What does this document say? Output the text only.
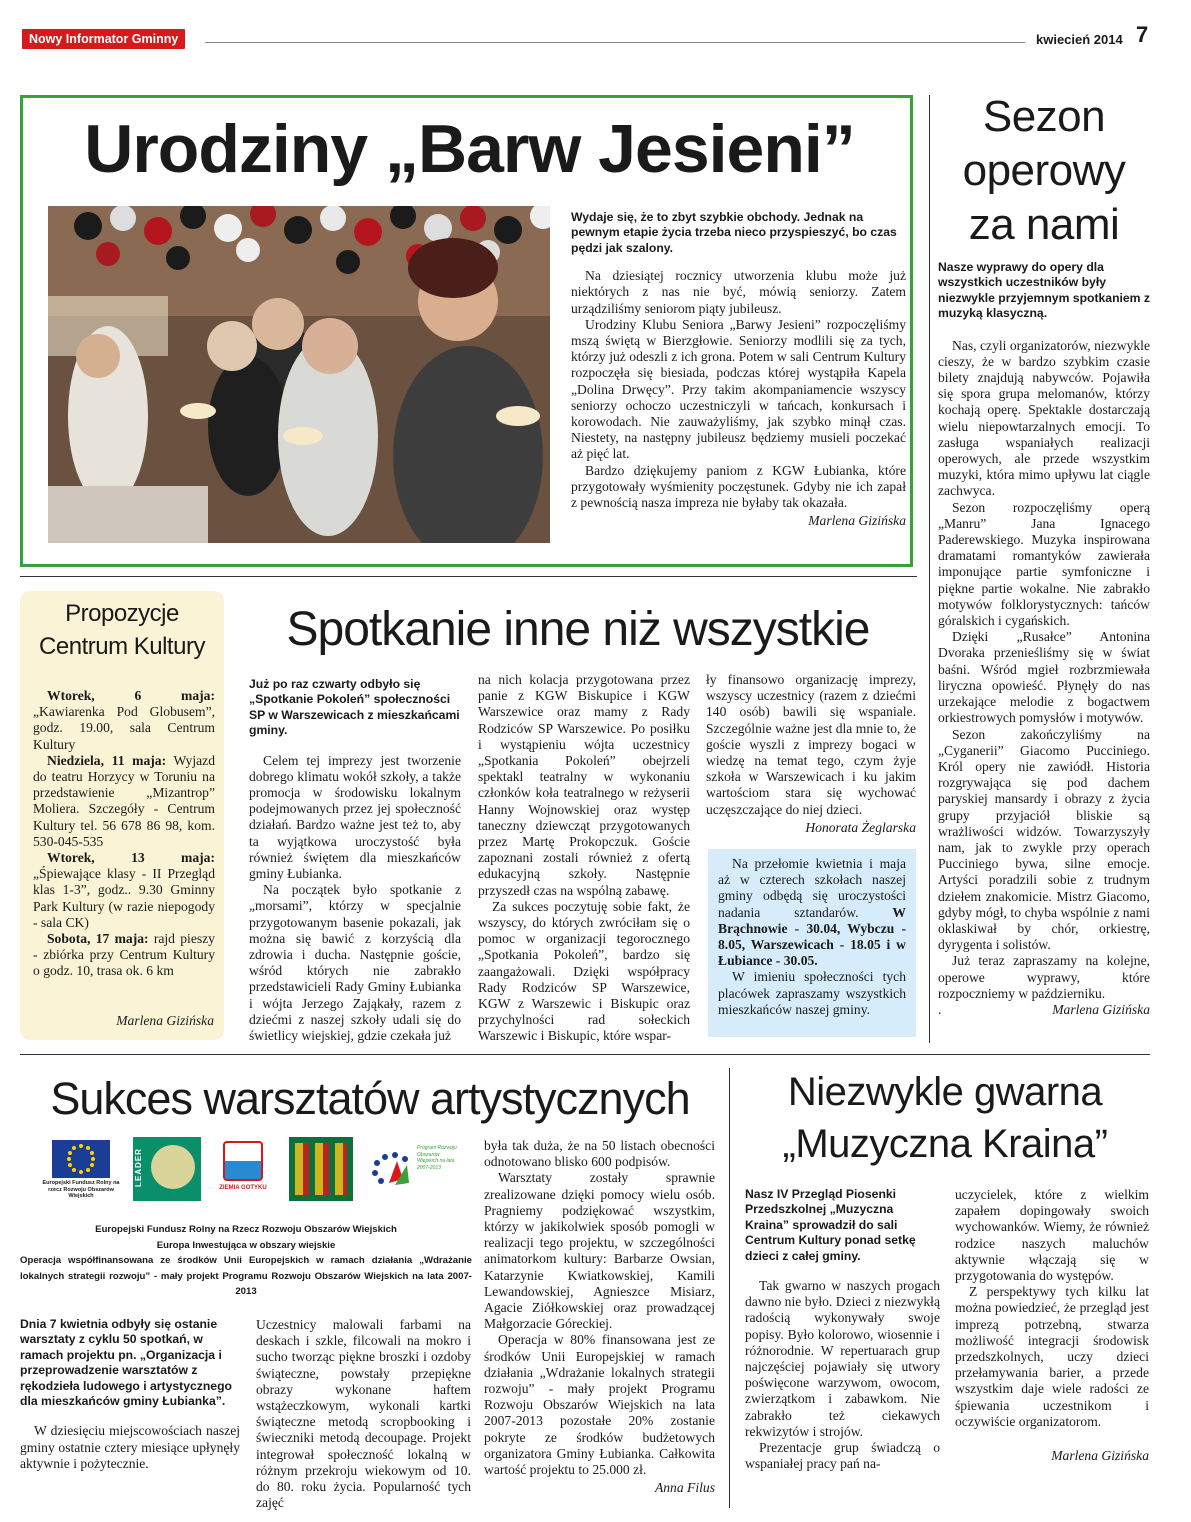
Nowy Informator Gminny	kwiecień 2014 7
Urodziny „Barw Jesieni”

Wydaje się, że to zbyt szybkie obchody. Jednak na pewnym etapie życia trzeba nieco przyspieszyć, bo czas pędzi jak szalony.

Na dziesiątej rocznicy utworzenia klubu może już niektórych z nas nie być, mówią seniorzy. Zatem urządziliśmy seniorom piąty jubileusz.

Urodziny Klubu Seniora „Barwy Jesieni” rozpoczęliśmy mszą świętą w Bierzgłowie. Seniorzy modlili się za tych, którzy już odeszli z ich grona. Potem w sali Centrum Kultury rozpoczęła się biesiada, podczas której wystąpiła Kapela „Dolina Drwęcy”. Przy takim akompaniamencie wszyscy seniorzy ochoczo uczestniczyli w tańcach, konkursach i korowodach. Nie zauważyliśmy, jak szybko minął czas. Niestety, na następny jubileusz będziemy musieli poczekać aż pięć lat.

Bardzo dziękujemy paniom z KGW Łubianka, które przygotowały wyśmienity poczęstunek. Gdyby nie ich zapał z pewnością nasza impreza nie byłaby tak okazała.

Marlena Gizińska
Sezon
operowy
za nami

Nasze wyprawy do opery dla wszystkich uczestników były niezwykle przyjemnym spotkaniem z muzyką klasyczną.

Nas, czyli organizatorów, niezwykle cieszy, że w bardzo szybkim czasie bilety znajdują nabywców. Pojawiła się spora grupa melomanów, którzy kochają operę. Spektakle dostarczają wielu niepowtarzalnych emocji. To zasługa wspaniałych realizacji operowych, ale przede wszystkim muzyki, która mimo upływu lat ciągle zachwyca.

Sezon rozpoczęliśmy operą „Manru” Jana Ignacego Paderewskiego. Muzyka inspirowana dramatami romantyków zawierała imponujące partie symfoniczne i piękne partie wokalne. Nie zabrakło motywów folklorystycznych: tańców góralskich i cygańskich.

Dzięki „Rusałce” Antonina Dvoraka przenieśliśmy się w świat baśni. Wśród mgieł rozbrzmiewała liryczna opowieść. Płynęły do nas urzekające melodie z bogactwem orkiestrowych pomysłów i motywów.

Sezon zakończyliśmy na „Cyganerii” Giacomo Pucciniego. Król opery nie zawiódł. Historia rozgrywająca się pod dachem paryskiej mansardy i obrazy z życia grupy przyjaciół bliskie są wrażliwości widzów. Towarzyszyły nam, jak to zwykle przy operach Pucciniego bywa, silne emocje. Artyści poradzili sobie z trudnym dziełem znakomicie. Mistrz Giacomo, gdyby mógł, to chyba wspólnie z nami oklaskiwał by chór, orkiestrę, dyrygenta i solistów.

Już teraz zapraszamy na kolejne, operowe wyprawy, które rozpoczniemy w październiku.

.	Marlena Gizińska
Propozycje
Centrum Kultury

Wtorek, 6 maja: „Kawiarenka Pod Globusem”, godz. 19.00, sala Centrum Kultury

Niedziela, 11 maja: Wyjazd do teatru Horzycy w Toruniu na przedstawienie „Mizantrop” Moliera. Szczegóły - Centrum Kultury tel. 56 678 86 98, kom. 530-045-535

Wtorek, 13 maja: „Śpiewające klasy - II Przegląd klas 1-3”, godz.. 9.30 Gminny Park Kultury (w razie niepogody - sala CK)

Sobota, 17 maja: rajd pieszy - zbiórka przy Centrum Kultury o godz. 10, trasa ok. 6 km

Marlena Gizińska
Spotkanie inne niż wszystkie

Już po raz czwarty odbyło się „Spotkanie Pokoleń” społeczności SP w Warszewicach z mieszkańcami gminy.

Celem tej imprezy jest tworzenie dobrego klimatu wokół szkoły, a także promocja w środowisku lokalnym podejmowanych przez jej społeczność działań. Bardzo ważne jest też to, aby ta wyjątkowa uroczystość była również świętem dla mieszkańców gminy Łubianka.

Na początek było spotkanie z „morsami”, którzy w specjalnie przygotowanym basenie pokazali, jak można się bawić z korzyścią dla zdrowia i ducha. Następnie goście, wśród których nie zabrakło przedstawicieli Rady Gminy Łubianka i wójta Jerzego Zająkały, razem z dziećmi z naszej szkoły udali się do świetlicy wiejskiej, gdzie czekała już

na nich kolacja przygotowana przez panie z KGW Biskupice i KGW Warszewice oraz mamy z Rady Rodziców SP Warszewice. Po posiłku i wystąpieniu wójta uczestnicy „Spotkania Pokoleń” obejrzeli spektakl teatralny w wykonaniu członków koła teatralnego w reżyserii Hanny Wojnowskiej oraz występ taneczny dziewcząt przygotowanych przez Martę Prokopczuk. Goście zapoznani zostali również z ofertą edukacyjną szkoły. Następnie przyszedł czas na wspólną zabawę.

Za sukces poczytuję sobie fakt, że wszyscy, do których zwróciłam się o pomoc w organizacji tegorocznego „Spotkania Pokoleń”, bardzo się zaangażowali. Dzięki współpracy Rady Rodziców SP Warszewice, KGW z Warszewic i Biskupic oraz przychylności rad sołeckich Warszewic i Biskupic, które wspar-

ły finansowo organizację imprezy, wszyscy uczestnicy (razem z dziećmi 140 osób) bawili się wspaniale. Szczególnie ważne jest dla mnie to, że goście wyszli z imprezy bogaci w wiedzę na temat tego, czym żyje szkoła w Warszewicach i ku jakim wartościom stara się wychować uczęszczające do niej dzieci.

Honorata Żeglarska

Na przełomie kwietnia i maja aż w czterech szkołach naszej gminy odbędą się uroczystości nadania sztandarów. W Brąchnowie - 30.04, Wybczu - 8.05, Warszewicach - 18.05 i w Łubiance - 30.05.

W imieniu społeczności tych placówek zapraszamy wszystkich mieszkańców naszej gminy.

Sukces warsztatów artystycznych
Europejski Fundusz Rolny na rzecz Rozwoju Obszarów Wiejskich
LEADER
ZIEMIA GOTYKU
Program Rozwoju Obszarów Wiejskich na lata 2007-2013
Europejski Fundusz Rolny na Rzecz Rozwoju Obszarów Wiejskich
Europa Inwestująca w obszary wiejskie
Operacja współfinansowana ze środków Unii Europejskich w ramach działania „Wdrażanie lokalnych strategii rozwoju” - mały projekt Programu Rozwoju Obszarów Wiejskich na lata 2007-2013

Dnia 7 kwietnia odbyły się ostanie warsztaty z cyklu 50 spotkań, w ramach projektu pn. „Organizacja i przeprowadzenie warsztatów z rękodzieła ludowego i artystycznego dla mieszkańców gminy Łubianka”.

W dziesięciu miejscowościach naszej gminy ostatnie cztery miesiące upłynęły aktywnie i pożytecznie.

Uczestnicy malowali farbami na deskach i szkle, filcowali na mokro i sucho tworząc piękne broszki i ozdoby świąteczne, powstały przepiękne obrazy wykonane haftem wstążeczkowym, wykonali kartki świąteczne metodą scropbooking i świeczniki metodą decoupage. Projekt integrował społeczność lokalną w różnym przekroju wiekowym od 10. do 80. roku życia. Popularność tych zajęć

była tak duża, że na 50 listach obecności odnotowano blisko 600 podpisów.

Warsztaty zostały sprawnie zrealizowane dzięki pomocy wielu osób. Pragniemy podziękować wszystkim, którzy w jakikolwiek sposób pomogli w realizacji tego projektu, w szczególności animatorkom kultury: Barbarze Owsian, Katarzynie Kwiatkowskiej, Kamili Lewandowskiej, Agnieszce Misiarz, Agacie Ziółkowskiej oraz prowadzącej Małgorzacie Góreckiej.

Operacja w 80% finansowana jest ze środków Unii Europejskiej w ramach działania „Wdrażanie lokalnych strategii rozwoju” - mały projekt Programu Rozwoju Obszarów Wiejskich na lata 2007-2013 pozostałe 20% zostanie pokryte ze środków budżetowych organizatora Gminy Łubianka. Całkowita wartość projektu to 25.000 zł.

Anna Filus
Niezwykle gwarna
„Muzyczna Kraina”

Nasz IV Przegląd Piosenki Przedszkolnej „Muzyczna Kraina” sprowadził do sali Centrum Kultury ponad setkę dzieci z całej gminy.

Tak gwarno w naszych progach dawno nie było. Dzieci z niezwykłą radością wykonywały swoje popisy. Było kolorowo, wiosennie i różnorodnie. W repertuarach grup najczęściej pojawiały się utwory poświęcone warzywom, owocom, zwierzątkom i zabawkom. Nie zabrakło też ciekawych rekwizytów i strojów.

Prezentacje grup świadczą o wspaniałej pracy pań na-

uczycielek, które z wielkim zapałem dopingowały swoich wychowanków. Wiemy, że również rodzice naszych maluchów aktywnie włączają się w przygotowania do występów.

Z perspektywy tych kilku lat można powiedzieć, że przegląd jest imprezą potrzebną, stwarza możliwość integracji środowisk przedszkolnych, uczy dzieci przełamywania barier, a przede wszystkim daje wiele radości ze śpiewania uczestnikom i oczywiście organizatorom.

Marlena Gizińska
